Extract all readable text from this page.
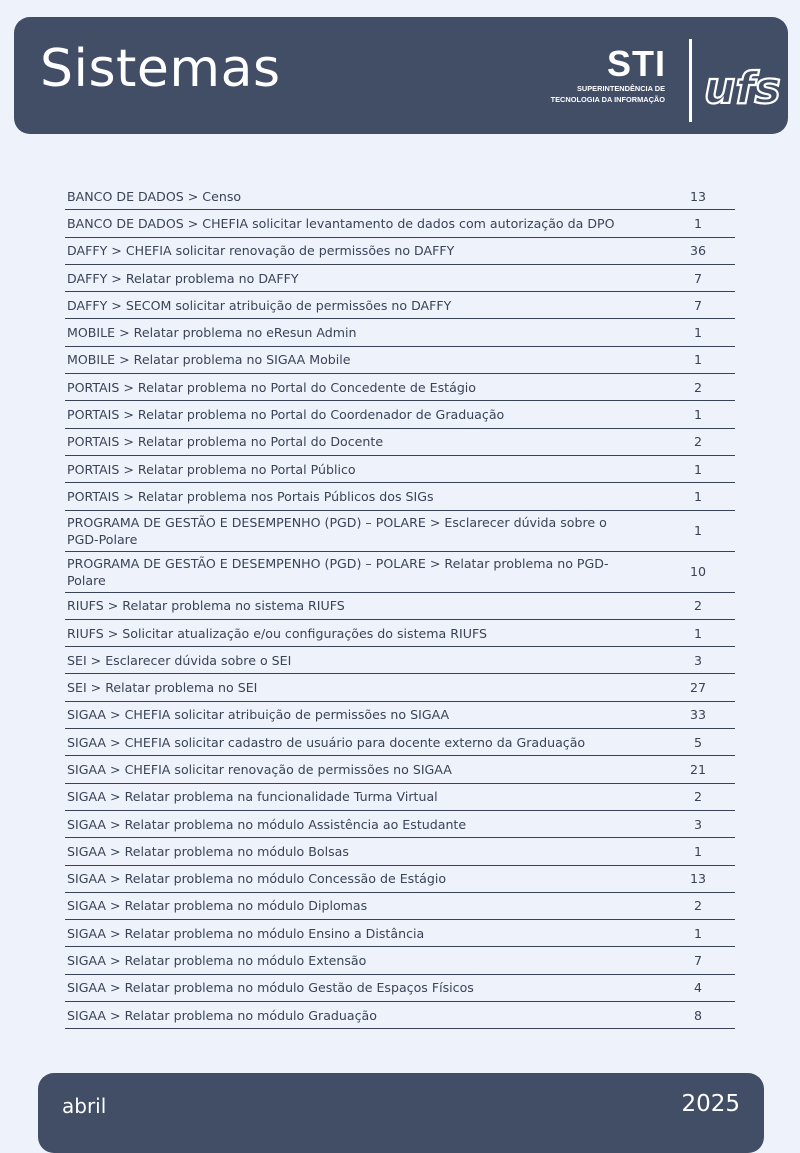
Sistemas	STI
SUPERINTENDÊNCIA DE
TECNOLOGIA DA INFORMAÇÃO ufs
BANCO DE DADOS > Censo	13
BANCO DE DADOS > CHEFIA solicitar levantamento de dados com autorização da DPO	1
DAFFY > CHEFIA solicitar renovação de permissões no DAFFY	36
DAFFY > Relatar problema no DAFFY	7
DAFFY > SECOM solicitar atribuição de permissões no DAFFY	7
MOBILE > Relatar problema no eResun Admin	1
MOBILE > Relatar problema no SIGAA Mobile	1
PORTAIS > Relatar problema no Portal do Concedente de Estágio	2
PORTAIS > Relatar problema no Portal do Coordenador de Graduação	1
PORTAIS > Relatar problema no Portal do Docente	2
PORTAIS > Relatar problema no Portal Público	1
PORTAIS > Relatar problema nos Portais Públicos dos SIGs	1
PROGRAMA DE GESTÃO E DESEMPENHO (PGD) – POLARE > Esclarecer dúvida sobre o PGD-Polare	1
PROGRAMA DE GESTÃO E DESEMPENHO (PGD) – POLARE > Relatar problema no PGD-Polare	10
RIUFS > Relatar problema no sistema RIUFS	2
RIUFS > Solicitar atualização e/ou configurações do sistema RIUFS	1
SEI > Esclarecer dúvida sobre o SEI	3
SEI > Relatar problema no SEI	27
SIGAA > CHEFIA solicitar atribuição de permissões no SIGAA	33
SIGAA > CHEFIA solicitar cadastro de usuário para docente externo da Graduação	5
SIGAA > CHEFIA solicitar renovação de permissões no SIGAA	21
SIGAA > Relatar problema na funcionalidade Turma Virtual	2
SIGAA > Relatar problema no módulo Assistência ao Estudante	3
SIGAA > Relatar problema no módulo Bolsas	1
SIGAA > Relatar problema no módulo Concessão de Estágio	13
SIGAA > Relatar problema no módulo Diplomas	2
SIGAA > Relatar problema no módulo Ensino a Distância	1
SIGAA > Relatar problema no módulo Extensão	7
SIGAA > Relatar problema no módulo Gestão de Espaços Físicos	4
SIGAA > Relatar problema no módulo Graduação	8
abril	2025
